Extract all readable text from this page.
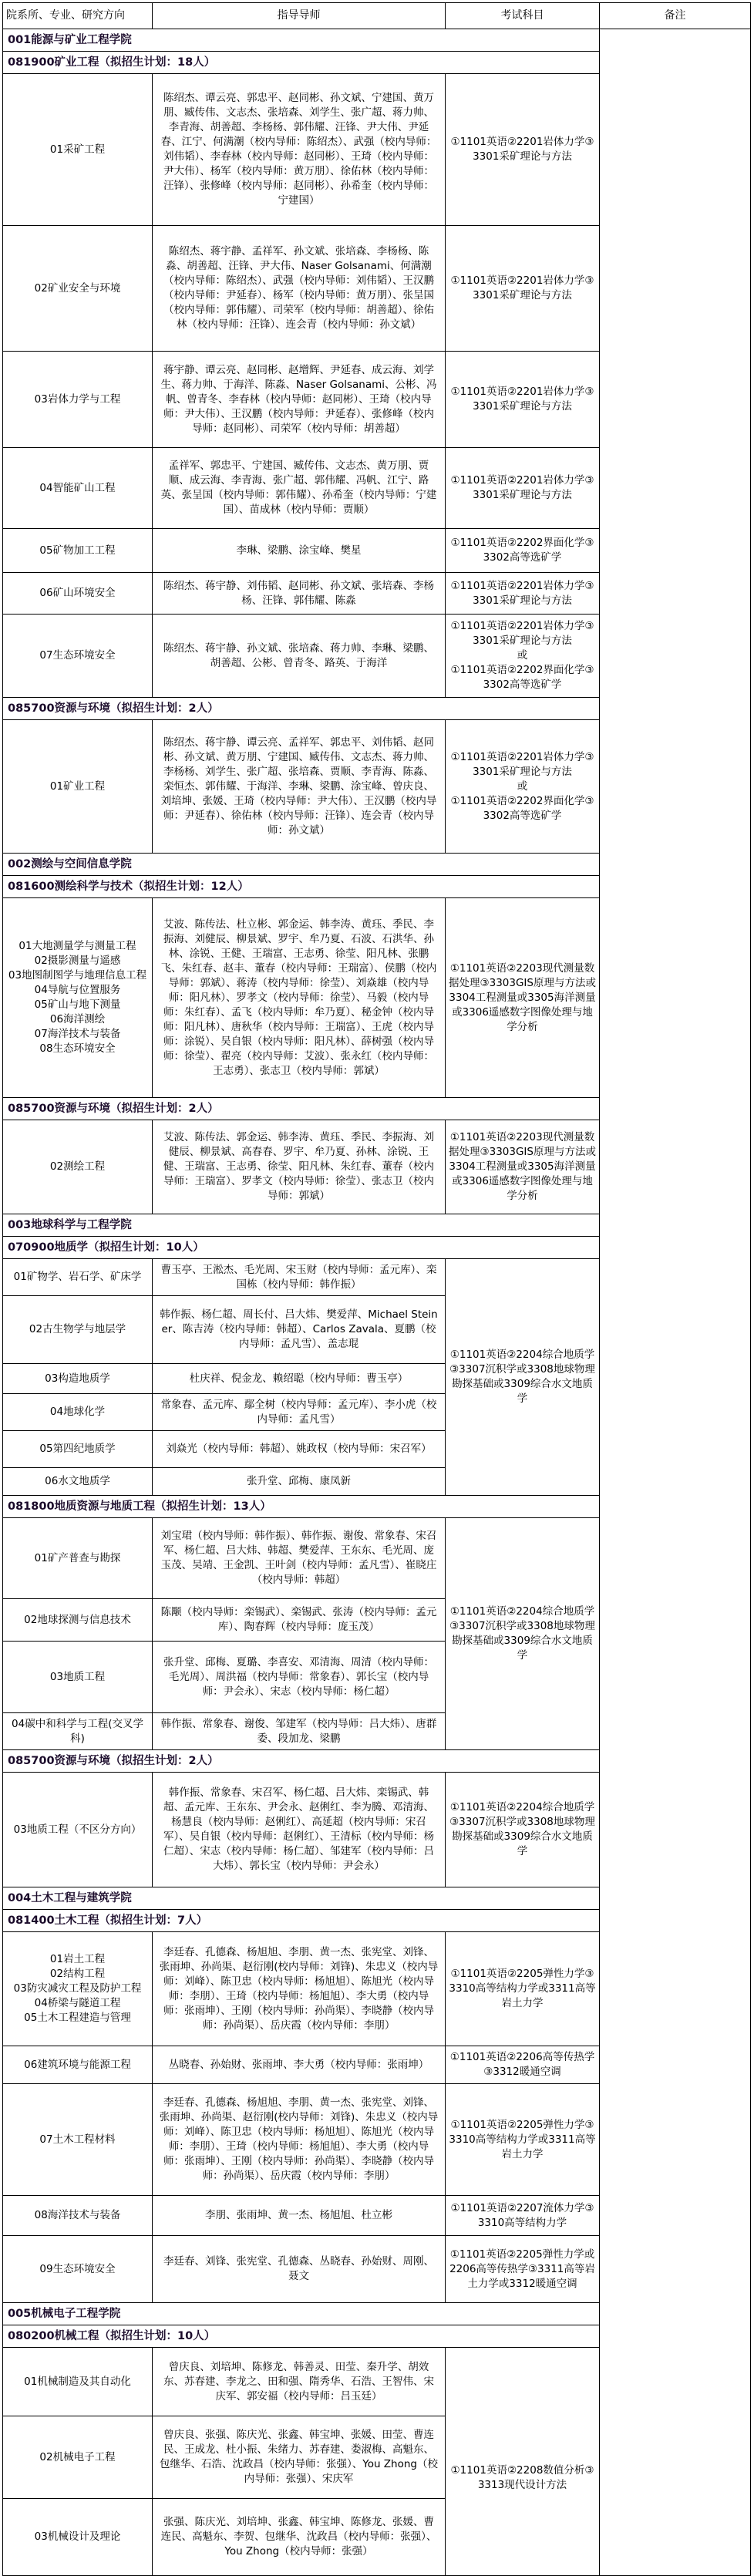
院系所、专业、研究方向	指导导师	考试科目	备注
001能源与矿业工程学院			
081900矿业工程（拟招生计划：18人）			
01采矿工程	陈绍杰、谭云亮、郭忠平、赵同彬、孙文斌、宁建国、黄万朋、臧传伟、文志杰、张培森、刘学生、张广超、蒋力帅、李青海、胡善超、李杨杨、郭伟耀、汪锋、尹大伟、尹延春、江宁、何满潮（校内导师：陈绍杰）、武强（校内导师：刘伟韬）、李春林（校内导师：赵同彬）、王琦（校内导师：尹大伟）、杨军（校内导师：黄万朋）、徐佑林（校内导师：汪锋）、张修峰（校内导师：赵同彬）、孙希奎（校内导师：宁建国）	①1101英语②2201岩体力学③3301采矿理论与方法	
02矿业安全与环境	陈绍杰、蒋宇静、孟祥军、孙文斌、张培森、李杨杨、陈淼、胡善超、汪锋、尹大伟、Naser Golsanami、何满潮（校内导师：陈绍杰）、武强（校内导师：刘伟韬）、王汉鹏（校内导师：尹延春）、杨军（校内导师：黄万朋）、张呈国（校内导师：郭伟耀）、司荣军（校内导师：胡善超）、徐佑林（校内导师：汪锋）、连会青（校内导师：孙文斌）	①1101英语②2201岩体力学③3301采矿理论与方法	
03岩体力学与工程	蒋宇静、谭云亮、赵同彬、赵增辉、尹延春、成云海、刘学生、蒋力帅、于海洋、陈淼、Naser Golsanami、公彬、冯帆、曾青冬、李春林（校内导师：赵同彬）、王琦（校内导师：尹大伟）、王汉鹏（校内导师：尹延春）、张修峰（校内导师：赵同彬）、司荣军（校内导师：胡善超）	①1101英语②2201岩体力学③3301采矿理论与方法	
04智能矿山工程	孟祥军、郭忠平、宁建国、臧传伟、文志杰、黄万朋、贾顺、成云海、李青海、张广超、郭伟耀、冯帆、江宁、路英、张呈国（校内导师：郭伟耀）、孙希奎（校内导师：宁建国）、苗成林（校内导师：贾顺）	①1101英语②2201岩体力学③3301采矿理论与方法	
05矿物加工工程	李琳、梁鹏、涂宝峰、樊星	①1101英语②2202界面化学③3302高等选矿学	
06矿山环境安全	陈绍杰、蒋宇静、刘伟韬、赵同彬、孙文斌、张培森、李杨杨、汪锋、郭伟耀、陈淼	①1101英语②2201岩体力学③3301采矿理论与方法	
07生态环境安全	陈绍杰、蒋宇静、孙文斌、张培森、蒋力帅、李琳、梁鹏、胡善超、公彬、曾青冬、路英、于海洋	①1101英语②2201岩体力学③3301采矿理论与方法
或
①1101英语②2202界面化学③3302高等选矿学	

085700资源与环境（拟招生计划：2人）			
01矿业工程	陈绍杰、蒋宇静、谭云亮、孟祥军、郭忠平、刘伟韬、赵同彬、孙文斌、黄万朋、宁建国、臧传伟、文志杰、蒋力帅、李杨杨、刘学生、张广超、张培森、贾顺、李青海、陈淼、栾恒杰、郭伟耀、于海洋、李琳、梁鹏、涂宝峰、曾庆良、刘培坤、张媛、王琦（校内导师：尹大伟）、王汉鹏（校内导师：尹延春）、徐佑林（校内导师：汪锋）、连会青（校内导师：孙文斌）	①1101英语②2201岩体力学③3301采矿理论与方法
或
①1101英语②2202界面化学③3302高等选矿学	

002测绘与空间信息学院			
081600测绘科学与技术（拟招生计划：12人）			

01大地测量学与测量工程
02摄影测量与遥感
03地图制图学与地理信息工程
04导航与位置服务
05矿山与地下测量
06海洋测绘
07海洋技术与装备
08生态环境安全
	艾波、陈传法、杜立彬、郭金运、韩李涛、黄珏、季民、李振海、刘健辰、柳景斌、罗宇、牟乃夏、石波、石洪华、孙林、涂锐、王健、王瑞富、王志勇、徐莹、阳凡林、张鹏飞、朱红春、赵丰、董春（校内导师：王瑞富）、侯鹏（校内导师：郭斌）、蒋涛（校内导师：徐莹）、刘焱雄（校内导师：阳凡林）、罗孝文（校内导师：徐莹）、马毅（校内导师：朱红春）、孟飞（校内导师：牟乃夏）、秘金钟（校内导师：阳凡林）、唐秋华（校内导师：王瑞富）、王虎（校内导师：涂锐）、吴自银（校内导师：阳凡林）、薛树强（校内导师：徐莹）、翟亮（校内导师：艾波）、张永红（校内导师：王志勇）、张志卫（校内导师：郭斌）	①1101英语②2203现代测量数据处理③3303GIS原理与方法或3304工程测量或3305海洋测量或3306遥感数字图像处理与地学分析
085700资源与环境（拟招生计划：2人）			
02测绘工程	艾波、陈传法、郭金运、韩李涛、黄珏、季民、李振海、刘健辰、柳景斌、高春春、罗宇、牟乃夏、孙林、涂锐、王健、王瑞富、王志勇、徐莹、阳凡林、朱红春、董春（校内导师：王瑞富）、罗孝文（校内导师：徐莹）、张志卫（校内导师：郭斌）	①1101英语②2203现代测量数据处理③3303GIS原理与方法或3304工程测量或3305海洋测量或3306遥感数字图像处理与地学分析	
003地球科学与工程学院			
070900地质学（拟招生计划：10人）			
01矿物学、岩石学、矿床学	曹玉亭、王淞杰、毛光周、宋玉财（校内导师：孟元库）、栾国栋（校内导师：韩作振）	①1101英语②2204综合地质学③3307沉积学或3308地球物理勘探基础或3309综合水文地质学	
02古生物学与地层学	韩作振、杨仁超、周长付、吕大炜、樊爱萍、Michael Steiner、陈吉涛（校内导师：韩超）、Carlos Zavala、夏鹏（校内导师：孟凡雪）、盖志琨		
03构造地质学	杜庆祥、倪金龙、赖绍聪（校内导师：曹玉亭）		
04地球化学	常象春、孟元库、鄢全树（校内导师：孟元库）、李小虎（校内导师：孟凡雪）		
05第四纪地质学	刘焱光（校内导师：韩超）、姚政权（校内导师：宋召军）		
06水文地质学	张升堂、邱梅、康凤新		
081800地质资源与地质工程（拟招生计划：13人）			
01矿产普查与勘探	刘宝珺（校内导师：韩作振）、韩作振、谢俊、常象春、宋召军、杨仁超、吕大炜、韩超、樊爱萍、王东东、毛光周、庞玉茂、吴靖、王金凯、王叶剑（校内导师：孟凡雪）、崔晓庄（校内导师：韩超）	①1101英语②2204综合地质学③3307沉积学或3308地球物理勘探基础或3309综合水文地质学	
02地球探测与信息技术	陈颙（校内导师：栾锡武）、栾锡武、张涛（校内导师：孟元库）、陶春辉（校内导师：庞玉茂）		
03地质工程	张升堂、邱梅、夏璐、李喜安、邓清海、周清（校内导师：毛光周）、周洪福（校内导师：常象春）、郭长宝（校内导师：尹会永）、宋志（校内导师：杨仁超）		
04碳中和科学与工程(交叉学科)	韩作振、常象春、谢俊、邹建军（校内导师：吕大炜）、唐群委、段加龙、梁鹏		
085700资源与环境（拟招生计划：2人）			
03地质工程（不区分方向）	韩作振、常象春、宋召军、杨仁超、吕大炜、栾锡武、韩超、孟元库、王东东、尹会永、赵俐红、李为腾、邓清海、杨慧良（校内导师：赵俐红）、高延超（校内导师：宋召军）、吴自银（校内导师：赵俐红）、王清标（校内导师：杨仁超）、宋志（校内导师：杨仁超）、邹建军（校内导师：吕大炜）、郭长宝（校内导师：尹会永）	①1101英语②2204综合地质学③3307沉积学或3308地球物理勘探基础或3309综合水文地质学	
004土木工程与建筑学院			
081400土木工程（拟招生计划：7人）			

01岩土工程
02结构工程
03防灾减灾工程及防护工程
04桥梁与隧道工程
05土木工程建造与管理	李廷春、孔德森、杨旭旭、李朋、黄一杰、张宪堂、刘锋、张雨坤、孙尚渠、赵衍刚(校内导师：刘锋)、朱忠义（校内导师：刘峰）、陈卫忠（校内导师：杨旭旭）、陈旭光（校内导师：李朋）、王琦（校内导师：杨旭旭）、李大勇（校内导师：张雨坤）、王刚（校内导师：孙尚渠）、李晓静（校内导师：孙尚渠）、岳庆霞（校内导师：李朋）	①1101英语②2205弹性力学③3310高等结构力学或3311高等岩土力学	
06建筑环境与能源工程	丛晓春、孙始财、张雨坤、李大勇（校内导师：张雨坤）	①1101英语②2206高等传热学③3312暖通空调	
07土木工程材料	李廷春、孔德森、杨旭旭、李朋、黄一杰、张宪堂、刘锋、张雨坤、孙尚渠、赵衍刚(校内导师：刘锋)、朱忠义（校内导师：刘峰）、陈卫忠（校内导师：杨旭旭）、陈旭光（校内导师：李朋）、王琦（校内导师：杨旭旭）、李大勇（校内导师：张雨坤）、王刚（校内导师：孙尚渠）、李晓静（校内导师：孙尚渠）、岳庆霞（校内导师：李朋）	①1101英语②2205弹性力学③3310高等结构力学或3311高等岩土力学	
08海洋技术与装备	李朋、张雨坤、黄一杰、杨旭旭、杜立彬	①1101英语②2207流体力学③3310高等结构力学	
09生态环境安全	李廷春、刘锋、张宪堂、孔德森、丛晓春、孙始财、周刚、聂文	①1101英语②2205弹性力学或2206高等传热学③3311高等岩土力学或3312暖通空调	
005机械电子工程学院			
080200机械工程（拟招生计划：10人）			
01机械制造及其自动化	曾庆良、刘培坤、陈修龙、韩善灵、田莹、秦升学、胡效东、苏春建、李龙之、田和强、隋秀华、石浩、王智伟、宋庆军、郭安福（校内导师：吕玉廷）	①1101英语②2208数值分析③3313现代设计方法	
02机械电子工程	曾庆良、张强、陈庆光、张鑫、韩宝坤、张媛、田莹、曹连民、王成龙、杜小振、朱绪力、苏春建、娄淑梅、高魁东、包继华、石浩、沈政昌（校内导师：张强）、You Zhong（校内导师：张强）、宋庆军		
03机械设计及理论	张强、陈庆光、刘培坤、张鑫、韩宝坤、陈修龙、张媛、曹连民、高魁东、李贺、包继华、沈政昌（校内导师：张强）、You Zhong（校内导师：张强）		
